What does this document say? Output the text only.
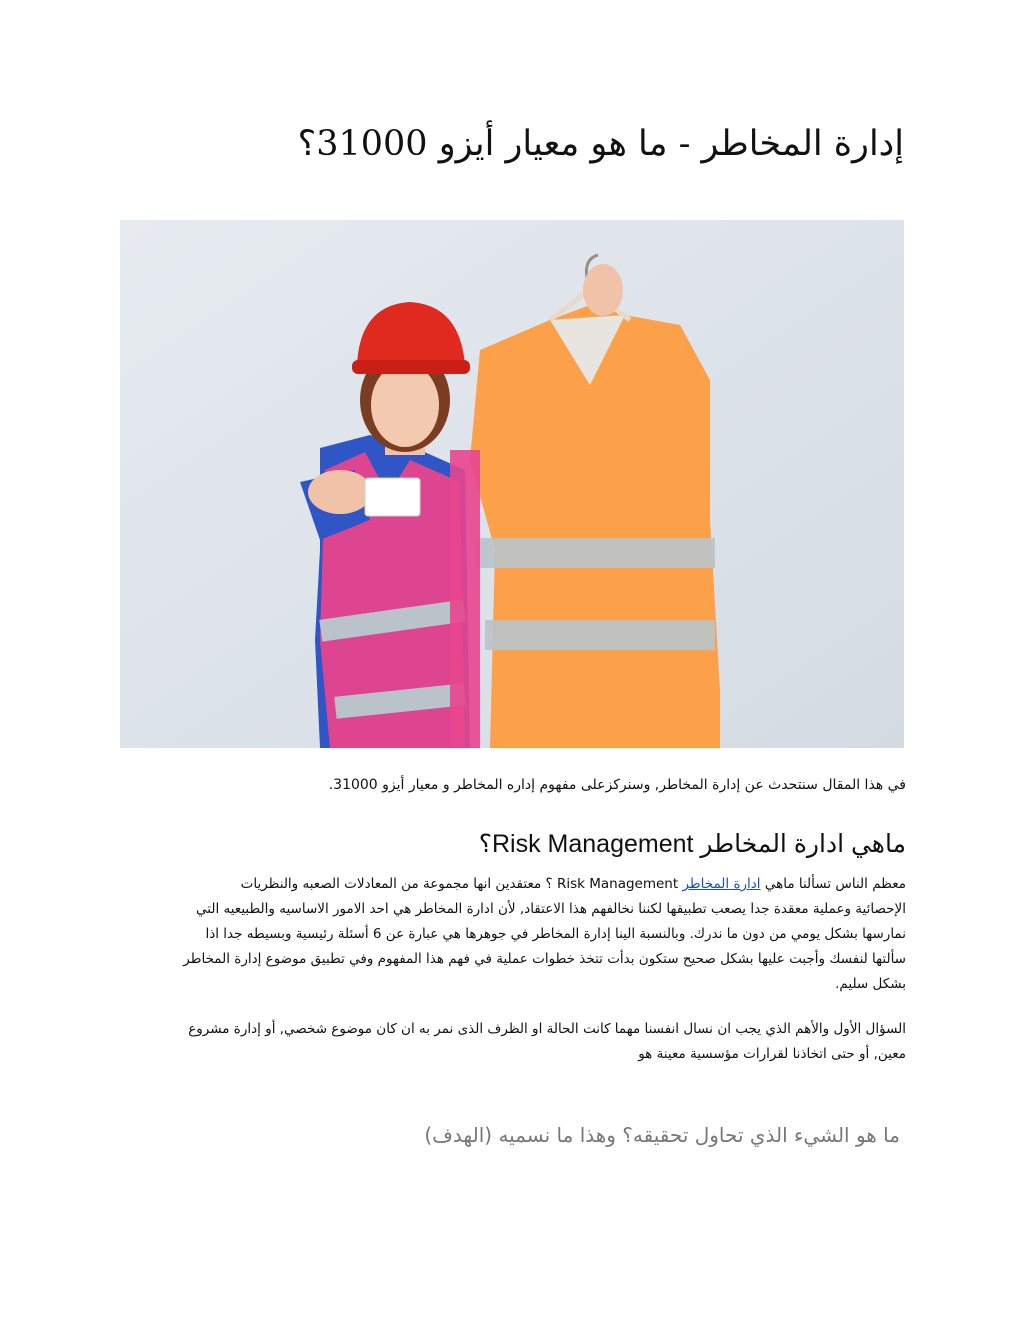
إدارة المخاطر - ما هو معيار أيزو 31000؟
في هذا المقال سنتحدث عن إدارة المخاطر, وسنركزعلى مفهوم إداره المخاطر و معيار أيزو 31000.
ماهي ادارة المخاطر Risk Management؟
معظم الناس تسألنا ماهي ادارة المخاطر Risk Management ؟ معتقدين انها مجموعة من المعادلات الصعبه والنظريات
الإحصائية وعملية معقدة جدا يصعب تطبيقها لكننا نخالفهم هذا الاعتقاد, لأن ادارة المخاطر هي احد الامور الاساسيه والطبيعيه التي
نمارسها بشكل يومي من دون ما ندرك. وبالنسبة الينا إدارة المخاطر في جوهرها هي عبارة عن 6 أسئلة رئيسية وبسيطه جدا اذا
سألتها لنفسك وأجبت عليها بشكل صحيح ستكون بدأت تتخذ خطوات عملية في فهم هذا المفهوم وفي تطبيق موضوع إدارة المخاطر
بشكل سليم.
السؤال الأول والأهم الذي يجب ان نسال انفسنا مهما كانت الحالة او الظرف الذى نمر به ان كان موضوع شخصي, أو إدارة مشروع
معين, أو حتى اتخاذنا لقرارات مؤسسية معينة هو
ما هو الشيء الذي تحاول تحقيقه؟ وهذا ما نسميه (الهدف)
